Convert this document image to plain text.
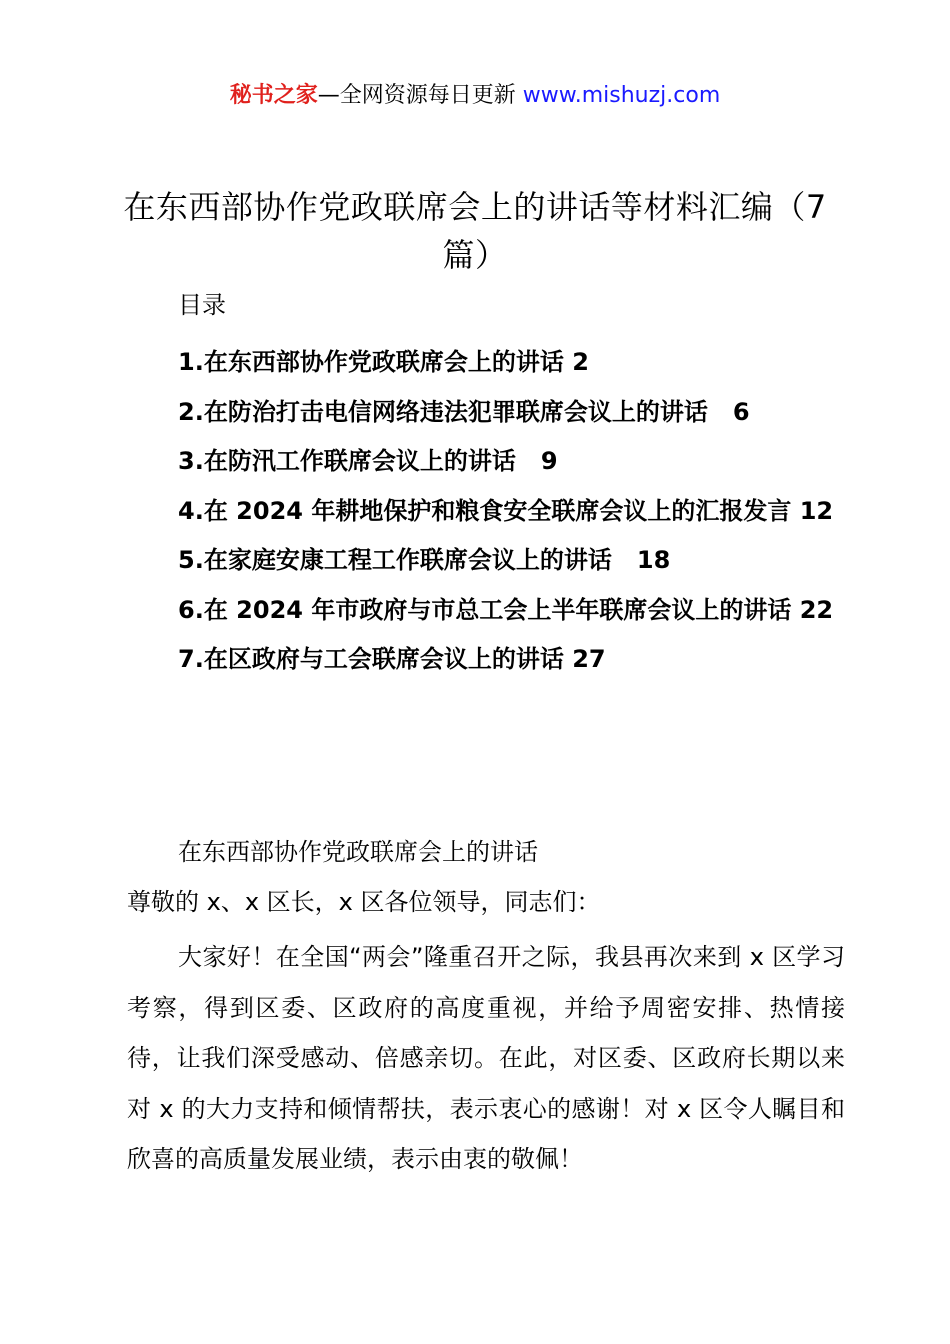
秘书之家—全网资源每日更新 www.mishuzj.com
在东西部协作党政联席会上的讲话等材料汇编（7篇）
目录
1.在东西部协作党政联席会上的讲话 2
2.在防治打击电信网络违法犯罪联席会议上的讲话 6
3.在防汛工作联席会议上的讲话 9
4.在 2024 年耕地保护和粮食安全联席会议上的汇报发言 12
5.在家庭安康工程工作联席会议上的讲话 18
6.在 2024 年市政府与市总工会上半年联席会议上的讲话 22
7.在区政府与工会联席会议上的讲话 27
在东西部协作党政联席会上的讲话
尊敬的 x、x 区长，x 区各位领导，同志们：

大家好！在全国“两会”隆重召开之际，我县再次来到 x 区学习考察，得到区委、区政府的高度重视，并给予周密安排、热情接待，让我们深受感动、倍感亲切。在此，对区委、区政府长期以来对 x 的大力支持和倾情帮扶，表示衷心的感谢！对 x 区令人瞩目和欣喜的高质量发展业绩，表示由衷的敬佩！
